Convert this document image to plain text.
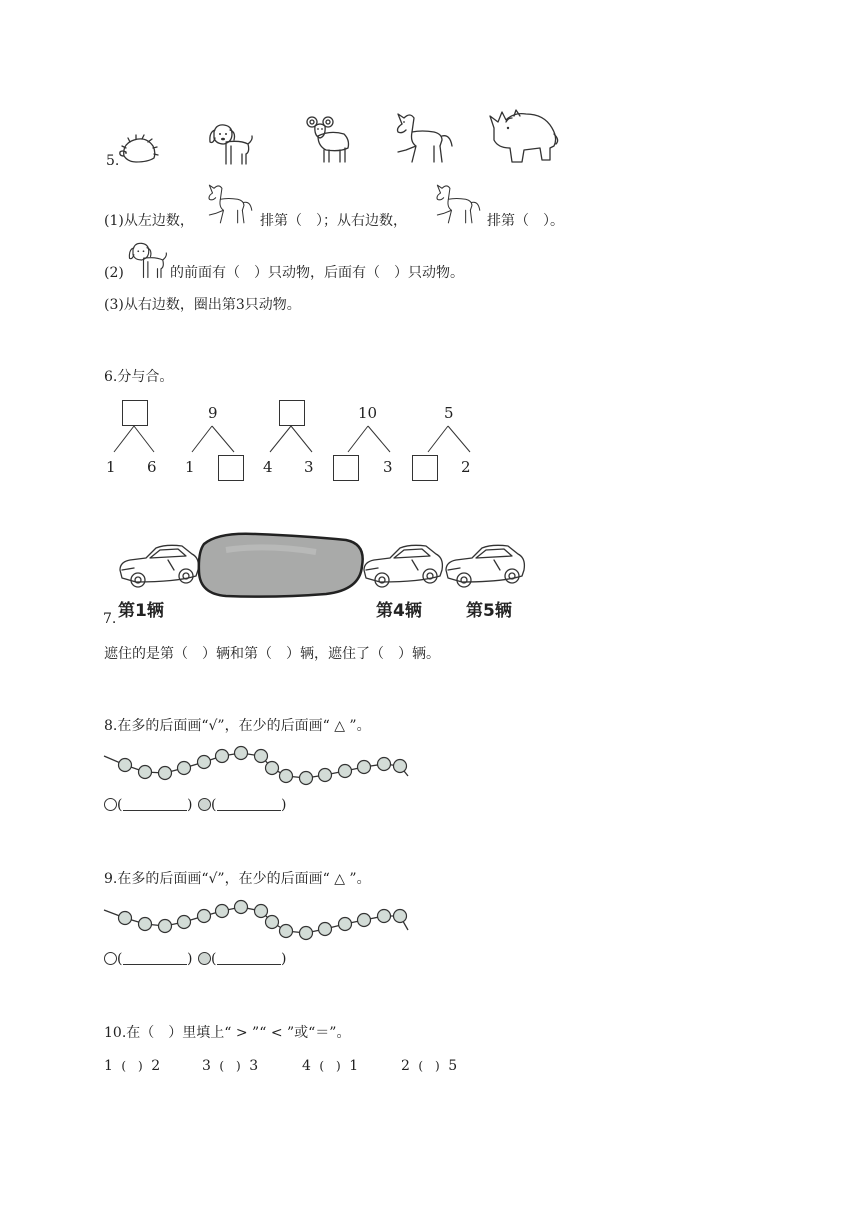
5.
(1)从左边数，	排第（　）；从右边数，	排第（　）。
(2)	的前面有（　）只动物，后面有（　）只动物。
(3)从右边数，圈出第3只动物。
6.分与合。
1 6
9
1	4 3
10
3
5
2
第1辆	第4辆	第5辆
7.
遮住的是第（　）辆和第（　）辆，遮住了（　）辆。
8.在多的后面画“√”，在少的后面画“ △ ”。
(	) (	)
9.在多的后面画“√”，在少的后面画“ △ ”。
(	) (	)
10.在（　）里填上“ > ”“ < ”或“＝”。
1 (　) 2	3 (　) 3	4 (　) 1	2 (　) 5
